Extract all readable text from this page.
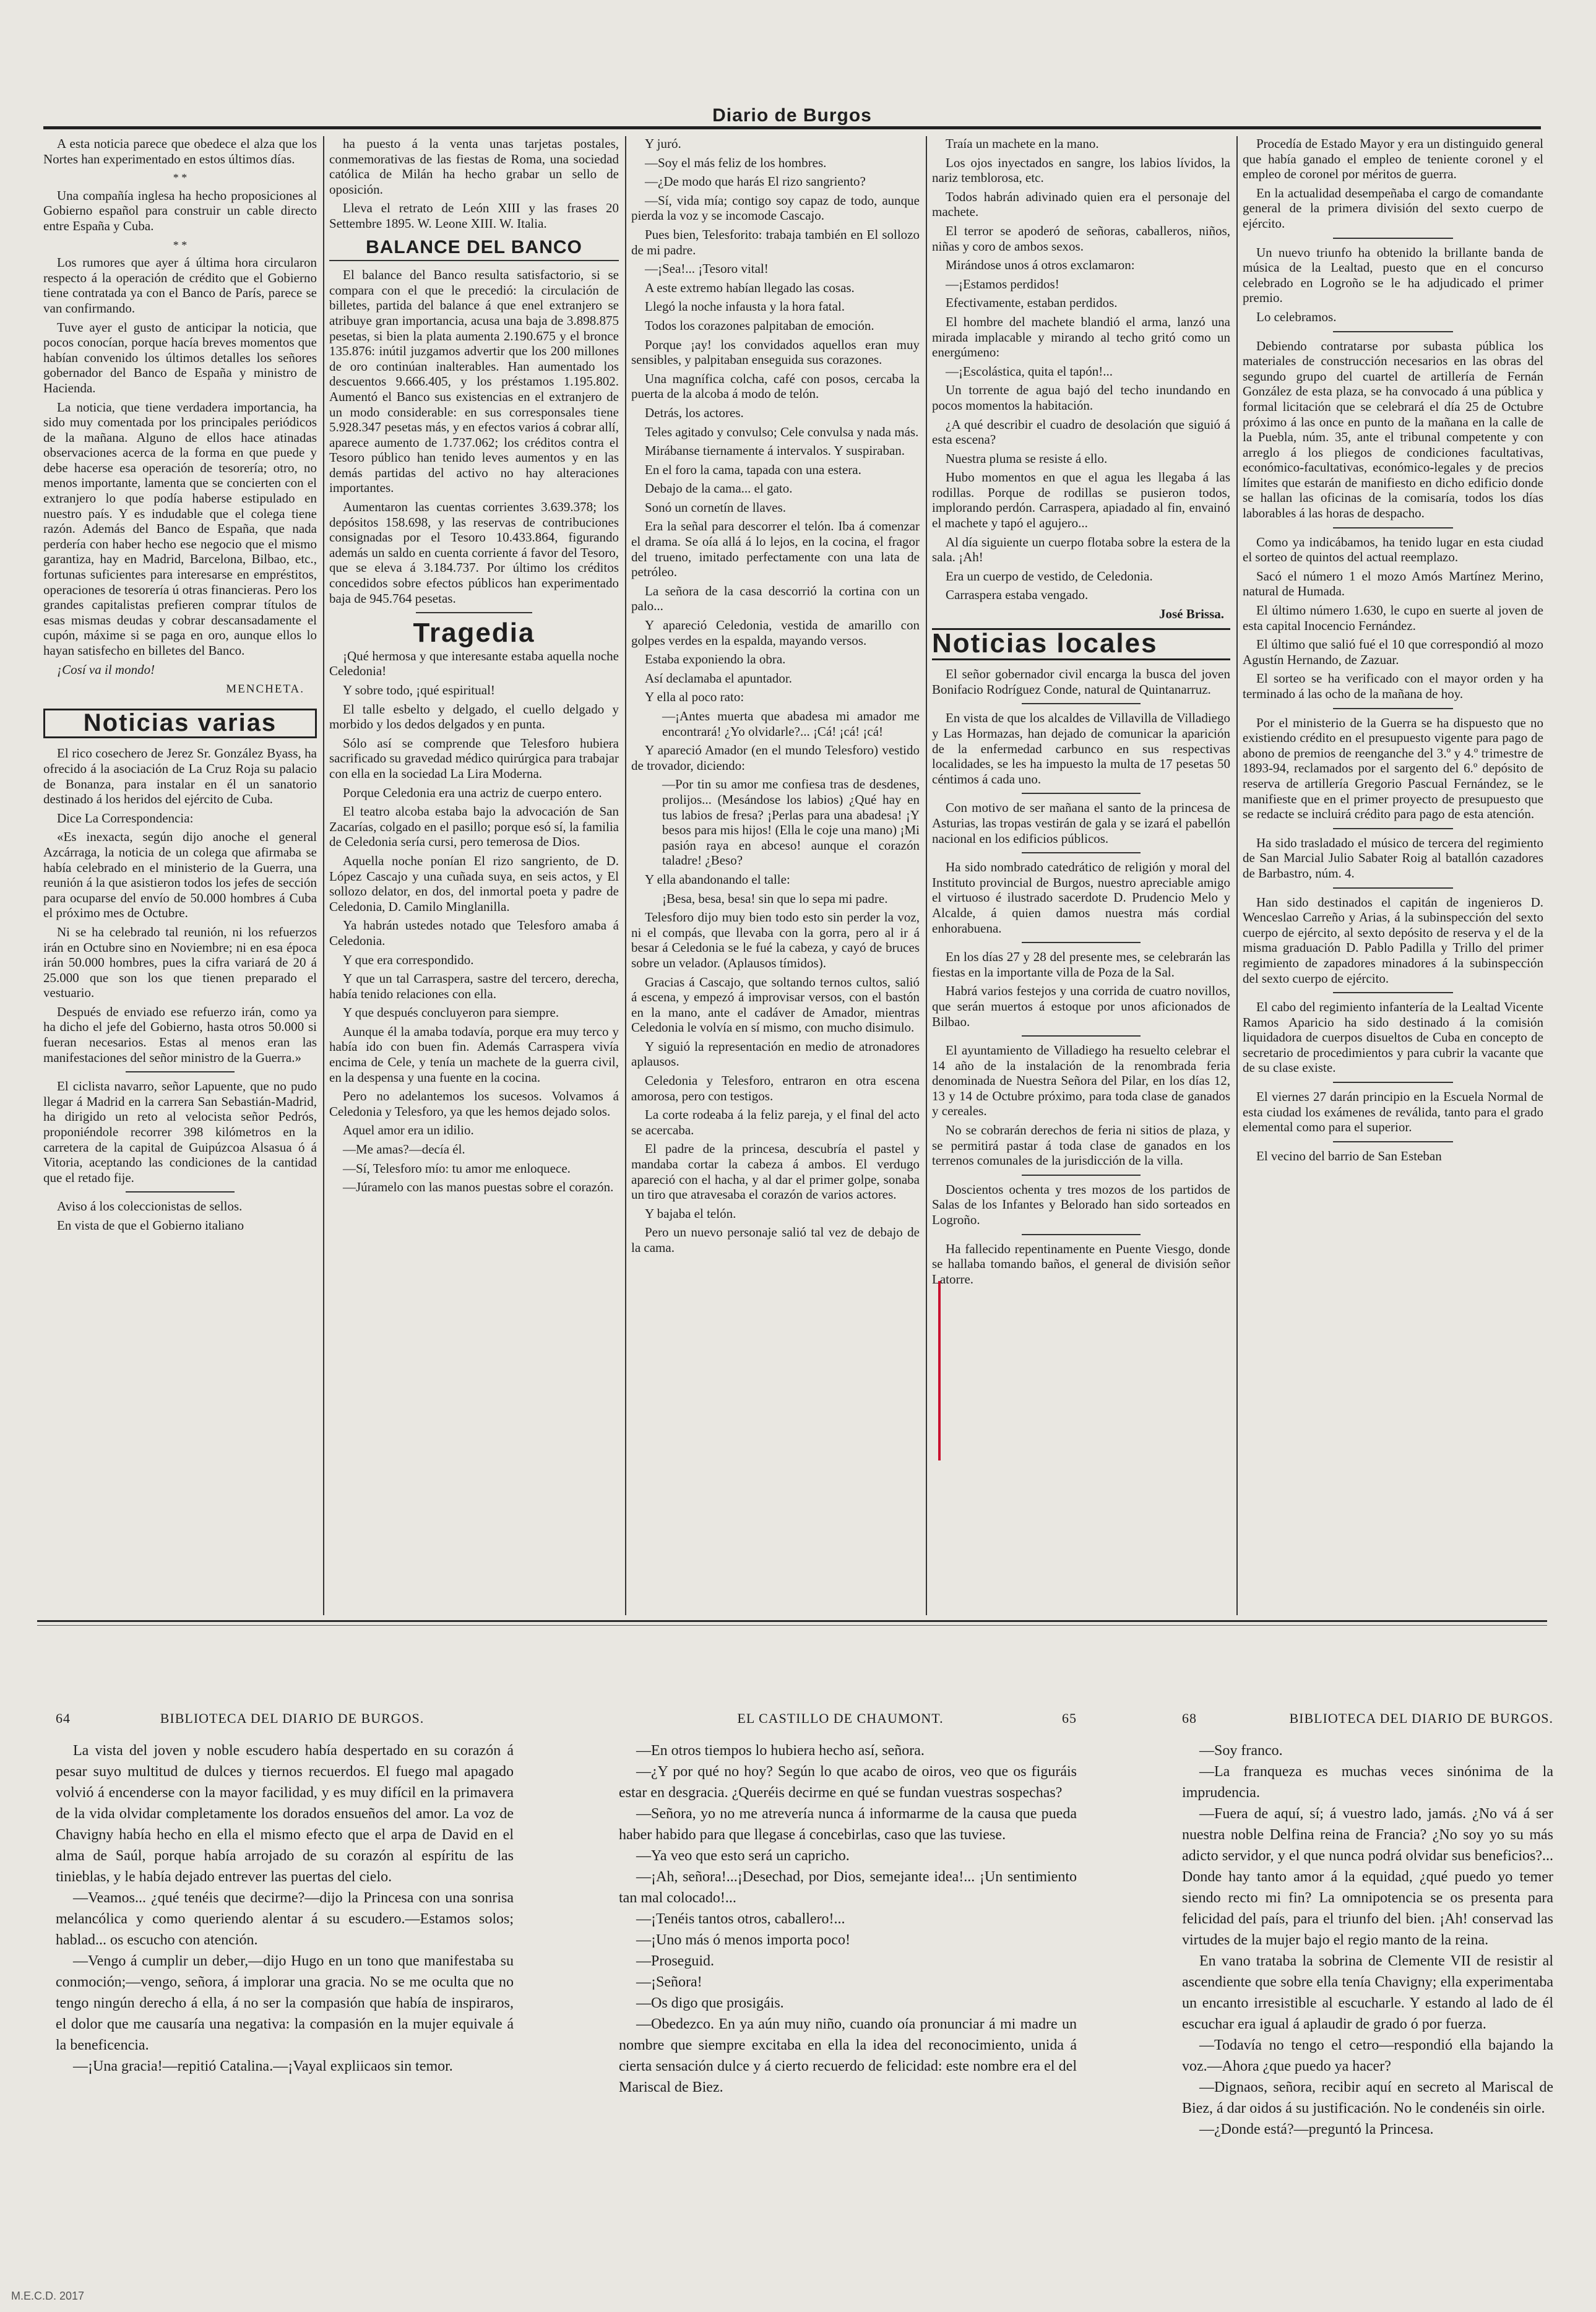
Diario de Burgos

A esta noticia parece que obedece el alza que los Nortes han experimentado en estos últimos días.

* *

Una compañía inglesa ha hecho proposiciones al Gobierno español para construir un cable directo entre España y Cuba.

* *

Los rumores que ayer á última hora circularon respecto á la operación de crédito que el Gobierno tiene contratada ya con el Banco de París, parece se van confirmando.

Tuve ayer el gusto de anticipar la noticia, que pocos conocían, porque hacía breves momentos que habían convenido los últimos detalles los señores gobernador del Banco de España y ministro de Hacienda.

La noticia, que tiene verdadera importancia, ha sido muy comentada por los principales periódicos de la mañana. Alguno de ellos hace atinadas observaciones acerca de la forma en que puede y debe hacerse esa operación de tesorería; otro, no menos importante, lamenta que se concierten con el extranjero lo que podía haberse estipulado en nuestro país. Y es indudable que el colega tiene razón. Además del Banco de España, que nada perdería con haber hecho ese negocio que el mismo garantiza, hay en Madrid, Barcelona, Bilbao, etc., fortunas suficientes para interesarse en empréstitos, operaciones de tesorería ú otras financieras. Pero los grandes capitalistas prefieren comprar títulos de esas mismas deudas y cobrar descansadamente el cupón, máxime si se paga en oro, aunque ellos lo hayan satisfecho en billetes del Banco.

¡Cosí va il mondo!

MENCHETA.
Noticias varias

El rico cosechero de Jerez Sr. González Byass, ha ofrecido á la asociación de La Cruz Roja su palacio de Bonanza, para instalar en él un sanatorio destinado á los heridos del ejército de Cuba.

Dice La Correspondencia:

«Es inexacta, según dijo anoche el general Azcárraga, la noticia de un colega que afirmaba se había celebrado en el ministerio de la Guerra, una reunión á la que asistieron todos los jefes de sección para ocuparse del envío de 50.000 hombres á Cuba el próximo mes de Octubre.

Ni se ha celebrado tal reunión, ni los refuerzos irán en Octubre sino en Noviembre; ni en esa época irán 50.000 hombres, pues la cifra variará de 20 á 25.000 que son los que tienen preparado el vestuario.

Después de enviado ese refuerzo irán, como ya ha dicho el jefe del Gobierno, hasta otros 50.000 si fueran necesarios. Estas al menos eran las manifestaciones del señor ministro de la Guerra.»

El ciclista navarro, señor Lapuente, que no pudo llegar á Madrid en la carrera San Sebastián-Madrid, ha dirigido un reto al velocista señor Pedrós, proponiéndole recorrer 398 kilómetros en la carretera de la capital de Guipúzcoa Alsasua ó á Vitoria, aceptando las condiciones de la cantidad que el retado fije.

Aviso á los coleccionistas de sellos.

En vista de que el Gobierno italiano

ha puesto á la venta unas tarjetas postales, conmemorativas de las fiestas de Roma, una sociedad católica de Milán ha hecho grabar un sello de oposición.

Lleva el retrato de León XIII y las frases 20 Settembre 1895. W. Leone XIII. W. Italia.

BALANCE DEL BANCO

El balance del Banco resulta satisfactorio, si se compara con el que le precedió: la circulación de billetes, partida del balance á que enel extranjero se atribuye gran importancia, acusa una baja de 3.898.875 pesetas, si bien la plata aumenta 2.190.675 y el bronce 135.876: inútil juzgamos advertir que los 200 millones de oro continúan inalterables. Han aumentado los descuentos 9.666.405, y los préstamos 1.195.802. Aumentó el Banco sus existencias en el extranjero de un modo considerable: en sus corresponsales tiene 5.928.347 pesetas más, y en efectos varios á cobrar allí, aparece aumento de 1.737.062; los créditos contra el Tesoro público han tenido leves aumentos y en las demás partidas del activo no hay alteraciones importantes.

Aumentaron las cuentas corrientes 3.639.378; los depósitos 158.698, y las reservas de contribuciones consignadas por el Tesoro 10.433.864, figurando además un saldo en cuenta corriente á favor del Tesoro, que se eleva á 3.184.737. Por último los créditos concedidos sobre efectos públicos han experimentado baja de 945.764 pesetas.

Tragedia

¡Qué hermosa y que interesante estaba aquella noche Celedonia!

Y sobre todo, ¡qué espiritual!

El talle esbelto y delgado, el cuello delgado y morbido y los dedos delgados y en punta.

Sólo así se comprende que Telesforo hubiera sacrificado su gravedad médico quirúrgica para trabajar con ella en la sociedad La Lira Moderna.

Porque Celedonia era una actriz de cuerpo entero.

El teatro alcoba estaba bajo la advocación de San Zacarías, colgado en el pasillo; porque esó sí, la familia de Celedonia sería cursi, pero temerosa de Dios.

Aquella noche ponían El rizo sangriento, de D. López Cascajo y una cuñada suya, en seis actos, y El sollozo delator, en dos, del inmortal poeta y padre de Celedonia, D. Camilo Minglanilla.

Ya habrán ustedes notado que Telesforo amaba á Celedonia.

Y que era correspondido.

Y que un tal Carraspera, sastre del tercero, derecha, había tenido relaciones con ella.

Y que después concluyeron para siempre.

Aunque él la amaba todavía, porque era muy terco y había ido con buen fin. Además Carraspera vivía encima de Cele, y tenía un machete de la guerra civil, en la despensa y una fuente en la cocina.

Pero no adelantemos los sucesos. Volvamos á Celedonia y Telesforo, ya que les hemos dejado solos.

Aquel amor era un idilio.

—Me amas?—decía él.

—Sí, Telesforo mío: tu amor me enloquece.

—Júramelo con las manos puestas sobre el corazón.

Y juró.

—Soy el más feliz de los hombres.

—¿De modo que harás El rizo sangriento?

—Sí, vida mía; contigo soy capaz de todo, aunque pierda la voz y se incomode Cascajo.

Pues bien, Telesforito: trabaja también en El sollozo de mi padre.

—¡Sea!... ¡Tesoro vital!

A este extremo habían llegado las cosas.

Llegó la noche infausta y la hora fatal.

Todos los corazones palpitaban de emoción.

Porque ¡ay! los convidados aquellos eran muy sensibles, y palpitaban enseguida sus corazones.

Una magnífica colcha, café con posos, cercaba la puerta de la alcoba á modo de telón.

Detrás, los actores.

Teles agitado y convulso; Cele convulsa y nada más.

Mirábanse tiernamente á intervalos. Y suspiraban.

En el foro la cama, tapada con una estera.

Debajo de la cama... el gato.

Sonó un cornetín de llaves.

Era la señal para descorrer el telón. Iba á comenzar el drama. Se oía allá á lo lejos, en la cocina, el fragor del trueno, imitado perfectamente con una lata de petróleo.

La señora de la casa descorrió la cortina con un palo...

Y apareció Celedonia, vestida de amarillo con golpes verdes en la espalda, mayando versos.

Estaba exponiendo la obra.

Así declamaba el apuntador.

Y ella al poco rato:

—¡Antes muerta que abadesa mi amador me encontrará! ¿Yo olvidarle?... ¡Cá! ¡cá! ¡cá!

Y apareció Amador (en el mundo Telesforo) vestido de trovador, diciendo:

—Por tin su amor me confiesa tras de desdenes, prolijos... (Mesándose los labios) ¿Qué hay en tus labios de fresa? ¡Perlas para una abadesa! ¡Y besos para mis hijos! (Ella le coje una mano) ¡Mi pasión raya en abceso! aunque el corazón taladre! ¿Beso?

Y ella abandonando el talle:

¡Besa, besa, besa! sin que lo sepa mi padre.

Telesforo dijo muy bien todo esto sin perder la voz, ni el compás, que llevaba con la gorra, pero al ir á besar á Celedonia se le fué la cabeza, y cayó de bruces sobre un velador. (Aplausos tímidos).

Gracias á Cascajo, que soltando ternos cultos, salió á escena, y empezó á improvisar versos, con el bastón en la mano, ante el cadáver de Amador, mientras Celedonia le volvía en sí mismo, con mucho disimulo.

Y siguió la representación en medio de atronadores aplausos.

Celedonia y Telesforo, entraron en otra escena amorosa, pero con testigos.

La corte rodeaba á la feliz pareja, y el final del acto se acercaba.

El padre de la princesa, descubría el pastel y mandaba cortar la cabeza á ambos. El verdugo apareció con el hacha, y al dar el primer golpe, sonaba un tiro que atravesaba el corazón de varios actores.

Y bajaba el telón.

Pero un nuevo personaje salió tal vez de debajo de la cama.

Traía un machete en la mano.

Los ojos inyectados en sangre, los labios lívidos, la nariz temblorosa, etc.

Todos habrán adivinado quien era el personaje del machete.

El terror se apoderó de señoras, caballeros, niños, niñas y coro de ambos sexos.

Mirándose unos á otros exclamaron:

—¡Estamos perdidos!

Efectivamente, estaban perdidos.

El hombre del machete blandió el arma, lanzó una mirada implacable y mirando al techo gritó como un energúmeno:

—¡Escolástica, quita el tapón!...

Un torrente de agua bajó del techo inundando en pocos momentos la habitación.

¿A qué describir el cuadro de desolación que siguió á esta escena?

Nuestra pluma se resiste á ello.

Hubo momentos en que el agua les llegaba á las rodillas. Porque de rodillas se pusieron todos, implorando perdón. Carraspera, apiadado al fin, envainó el machete y tapó el agujero...

Al día siguiente un cuerpo flotaba sobre la estera de la sala. ¡Ah!

Era un cuerpo de vestido, de Celedonia.

Carraspera estaba vengado.

José Brissa.
Noticias locales

El señor gobernador civil encarga la busca del joven Bonifacio Rodríguez Conde, natural de Quintanarruz.

En vista de que los alcaldes de Villavilla de Villadiego y Las Hormazas, han dejado de comunicar la aparición de la enfermedad carbunco en sus respectivas localidades, se les ha impuesto la multa de 17 pesetas 50 céntimos á cada uno.

Con motivo de ser mañana el santo de la princesa de Asturias, las tropas vestirán de gala y se izará el pabellón nacional en los edificios públicos.

Ha sido nombrado catedrático de religión y moral del Instituto provincial de Burgos, nuestro apreciable amigo el virtuoso é ilustrado sacerdote D. Prudencio Melo y Alcalde, á quien damos nuestra más cordial enhorabuena.

En los días 27 y 28 del presente mes, se celebrarán las fiestas en la importante villa de Poza de la Sal.

Habrá varios festejos y una corrida de cuatro novillos, que serán muertos á estoque por unos aficionados de Bilbao.

El ayuntamiento de Villadiego ha resuelto celebrar el 14 año de la instalación de la renombrada feria denominada de Nuestra Señora del Pilar, en los días 12, 13 y 14 de Octubre próximo, para toda clase de ganados y cereales.

No se cobrarán derechos de feria ni sitios de plaza, y se permitirá pastar á toda clase de ganados en los terrenos comunales de la jurisdicción de la villa.

Doscientos ochenta y tres mozos de los partidos de Salas de los Infantes y Belorado han sido sorteados en Logroño.

Ha fallecido repentinamente en Puente Viesgo, donde se hallaba tomando baños, el general de división señor Latorre.

Procedía de Estado Mayor y era un distinguido general que había ganado el empleo de teniente coronel y el empleo de coronel por méritos de guerra.

En la actualidad desempeñaba el cargo de comandante general de la primera división del sexto cuerpo de ejército.

Un nuevo triunfo ha obtenido la brillante banda de música de la Lealtad, puesto que en el concurso celebrado en Logroño se le ha adjudicado el primer premio.

Lo celebramos.

Debiendo contratarse por subasta pública los materiales de construcción necesarios en las obras del segundo grupo del cuartel de artillería de Fernán González de esta plaza, se ha convocado á una pública y formal licitación que se celebrará el día 25 de Octubre próximo á las once en punto de la mañana en la calle de la Puebla, núm. 35, ante el tribunal competente y con arreglo á los pliegos de condiciones facultativas, económico-facultativas, económico-legales y de precios límites que estarán de manifiesto en dicho edificio donde se hallan las oficinas de la comisaría, todos los días laborables á las horas de despacho.

Como ya indicábamos, ha tenido lugar en esta ciudad el sorteo de quintos del actual reemplazo.

Sacó el número 1 el mozo Amós Martínez Merino, natural de Humada.

El último número 1.630, le cupo en suerte al joven de esta capital Inocencio Fernández.

El último que salió fué el 10 que correspondió al mozo Agustín Hernando, de Zazuar.

El sorteo se ha verificado con el mayor orden y ha terminado á las ocho de la mañana de hoy.

Por el ministerio de la Guerra se ha dispuesto que no existiendo crédito en el presupuesto vigente para pago de abono de premios de reenganche del 3.º y 4.º trimestre de 1893-94, reclamados por el sargento del 6.º depósito de reserva de artillería Gregorio Pascual Fernández, se le manifieste que en el primer proyecto de presupuesto que se redacte se incluirá crédito para pago de esta atención.

Ha sido trasladado el músico de tercera del regimiento de San Marcial Julio Sabater Roig al batallón cazadores de Barbastro, núm. 4.

Han sido destinados el capitán de ingenieros D. Wenceslao Carreño y Arias, á la subinspección del sexto cuerpo de ejército, al sexto depósito de reserva y el de la misma graduación D. Pablo Padilla y Trillo del primer regimiento de zapadores minadores á la subinspección del sexto cuerpo de ejército.

El cabo del regimiento infantería de la Lealtad Vicente Ramos Aparicio ha sido destinado á la comisión liquidadora de cuerpos disueltos de Cuba en concepto de secretario de procedimientos y para cubrir la vacante que de su clase existe.

El viernes 27 darán principio en la Escuela Normal de esta ciudad los exámenes de reválida, tanto para el grado elemental como para el superior.

El vecino del barrio de San Esteban

64	BIBLIOTECA DEL DIARIO DE BURGOS.

La vista del joven y noble escudero había despertado en su corazón á pesar suyo multitud de dulces y tiernos recuerdos. El fuego mal apagado volvió á encenderse con la mayor facilidad, y es muy difícil en la primavera de la vida olvidar completamente los dorados ensueños del amor. La voz de Chavigny había hecho en ella el mismo efecto que el arpa de David en el alma de Saúl, porque había arrojado de su corazón al espíritu de las tinieblas, y le había dejado entrever las puertas del cielo.

—Veamos... ¿qué tenéis que decirme?—dijo la Princesa con una sonrisa melancólica y como queriendo alentar á su escudero.—Estamos solos; hablad... os escucho con atención.

—Vengo á cumplir un deber,—dijo Hugo en un tono que manifestaba su conmoción;—vengo, señora, á implorar una gracia. No se me oculta que no tengo ningún derecho á ella, á no ser la compasión que había de inspiraros, el dolor que me causaría una negativa: la compasión en la mujer equivale á la beneficencia.

—¡Una gracia!—repitió Catalina.—¡Vayal expliicaos sin temor.

EL CASTILLO DE CHAUMONT.	65

—En otros tiempos lo hubiera hecho así, señora.

—¿Y por qué no hoy? Según lo que acabo de oiros, veo que os figuráis estar en desgracia. ¿Queréis decirme en qué se fundan vuestras sospechas?

—Señora, yo no me atrevería nunca á informarme de la causa que pueda haber habido para que llegase á concebirlas, caso que las tuviese.

—Ya veo que esto será un capricho.

—¡Ah, señora!...¡Desechad, por Dios, semejante idea!... ¡Un sentimiento tan mal colocado!...

—¡Tenéis tantos otros, caballero!...

—¡Uno más ó menos importa poco!

—Proseguid.

—¡Señora!

—Os digo que prosigáis.

—Obedezco. En ya aún muy niño, cuando oía pronunciar á mi madre un nombre que siempre excitaba en ella la idea del reconocimiento, unida á cierta sensación dulce y á cierto recuerdo de felicidad: este nombre era el del Mariscal de Biez.

68	BIBLIOTECA DEL DIARIO DE BURGOS.

—Soy franco.

—La franqueza es muchas veces sinónima de la imprudencia.

—Fuera de aquí, sí; á vuestro lado, jamás. ¿No vá á ser nuestra noble Delfina reina de Francia? ¿No soy yo su más adicto servidor, y el que nunca podrá olvidar sus beneficios?... Donde hay tanto amor á la equidad, ¿qué puedo yo temer siendo recto mi fin? La omnipotencia se os presenta para felicidad del país, para el triunfo del bien. ¡Ah! conservad las virtudes de la mujer bajo el regio manto de la reina.

En vano trataba la sobrina de Clemente VII de resistir al ascendiente que sobre ella tenía Chavigny; ella experimentaba un encanto irresistible al escucharle. Y estando al lado de él escuchar era igual á aplaudir de grado ó por fuerza.

—Todavía no tengo el cetro—respondió ella bajando la voz.—Ahora ¿que puedo ya hacer?

—Dignaos, señora, recibir aquí en secreto al Mariscal de Biez, á dar oidos á su justificación. No le condenéis sin oirle.

—¿Donde está?—preguntó la Princesa.

M.E.C.D. 2017
